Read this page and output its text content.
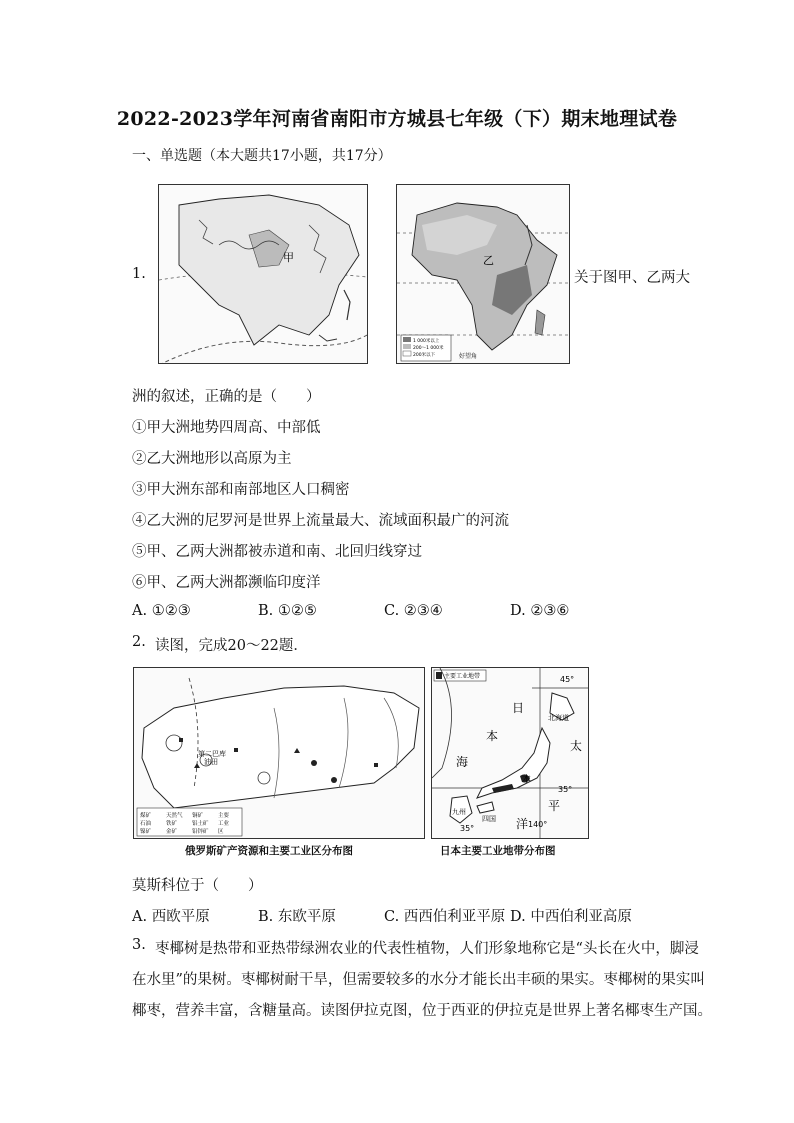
2022-2023学年河南省南阳市方城县七年级（下）期末地理试卷
一、单选题（本大题共17小题，共17分）
1.
甲	乙
1 000米以上
200～1 000米
200米以下	好望角
关于图甲、乙两大
洲的叙述，正确的是（　　）
①甲大洲地势四周高、中部低
②乙大洲地形以高原为主
③甲大洲东部和南部地区人口稠密
④乙大洲的尼罗河是世界上流量最大、流域面积最广的河流
⑤甲、乙两大洲都被赤道和南、北回归线穿过
⑥甲、乙两大洲都濒临印度洋
A. ①②③	B. ①②⑤	C. ②③④	D. ②③⑥
2. 读图，完成20～22题．
第二巴库
油田
煤矿	天然气 铜矿	主要
石油	铁矿	铝土矿 工业
镍矿	金矿	铅锌矿 区
俄罗斯矿产资源和主要工业区分布图
主要工业地带
日
本
海
太
平
洋
北海道
本
九州
四国
45°
35°
35°	140°
日本主要工业地带分布图
莫斯科位于（　　）
A. 西欧平原	B. 东欧平原	C. 西西伯利亚平原 D. 中西伯利亚高原
3. 枣椰树是热带和亚热带绿洲农业的代表性植物，人们形象地称它是“头长在火中，脚浸
在水里”的果树。枣椰树耐干旱，但需要较多的水分才能长出丰硕的果实。枣椰树的果实叫
椰枣，营养丰富，含糖量高。读图伊拉克图，位于西亚的伊拉克是世界上著名椰枣生产国。
